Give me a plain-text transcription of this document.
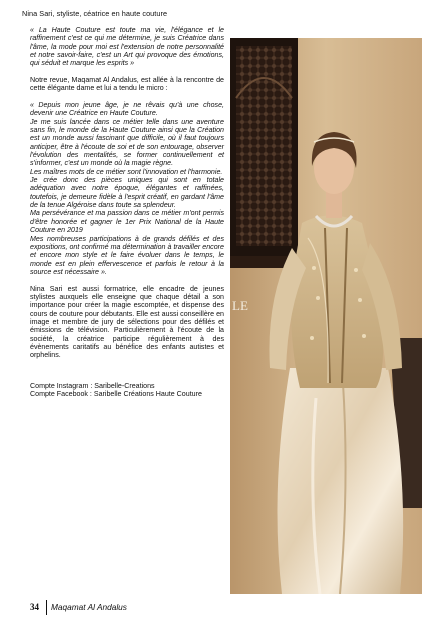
Nina Sari, styliste, céatrice en haute couture

« La Haute Couture est toute ma vie, l'élégance et le raffinement c'est ce qui me détermine, je suis Créatrice dans l'âme, la mode pour moi est l'extension de notre personnalité et notre savoir-faire, c'est un Art qui provoque des émotions, qui séduit et marque les esprits »

Notre revue, Maqamat Al Andalus, est allée à la rencontre de cette élégante dame et lui a tendu le micro :

« Depuis mon jeune âge, je ne rêvais qu'à une chose, devenir une Créatrice en Haute Couture.

Je me suis lancée dans ce métier telle dans une aventure sans fin, le monde de la Haute Couture ainsi que la Création est un monde aussi fascinant que difficile, où il faut toujours anticiper, être à l'écoute de soi et de son entourage, observer l'évolution des mentalités, se former continuellement et s'informer, c'est un monde où la magie règne.

Les maîtres mots de ce métier sont l'innovation et l'harmonie.

Je crée donc des pièces uniques qui sont en totale adéquation avec notre époque, élégantes et raffinées, toutefois, je demeure fidèle à l'esprit créatif, en gardant l'âme de la tenue Algéroise dans toute sa splendeur.

Ma persévérance et ma passion dans ce métier m'ont permis d'être honorée et gagner le 1er Prix National de la Haute Couture en 2019

Mes nombreuses participations à de grands défilés et des expositions, ont confirmé ma détermination à travailler encore et encore mon style et le faire évoluer dans le temps, le monde est en plein effervescence et parfois le retour à la source est nécessaire ».

Nina Sari est aussi formatrice, elle encadre de jeunes stylistes auxquels elle enseigne que chaque détail a son importance pour créer la magie escomptée, et dispense des cours de couture pour débutants. Elle est aussi conseillère en image et membre de jury de sélections pour des défilés et émissions de télévision. Particulièrement à l'écoute de la société, la créatrice participe régulièrement à des évènements caritatifs au bénéfice des enfants autistes et orphelins.

Compte Instagram : Saribelle-Creations

Compte Facebook : Saribelle Créations Haute Couture

LE
34 Maqamat Al Andalus
